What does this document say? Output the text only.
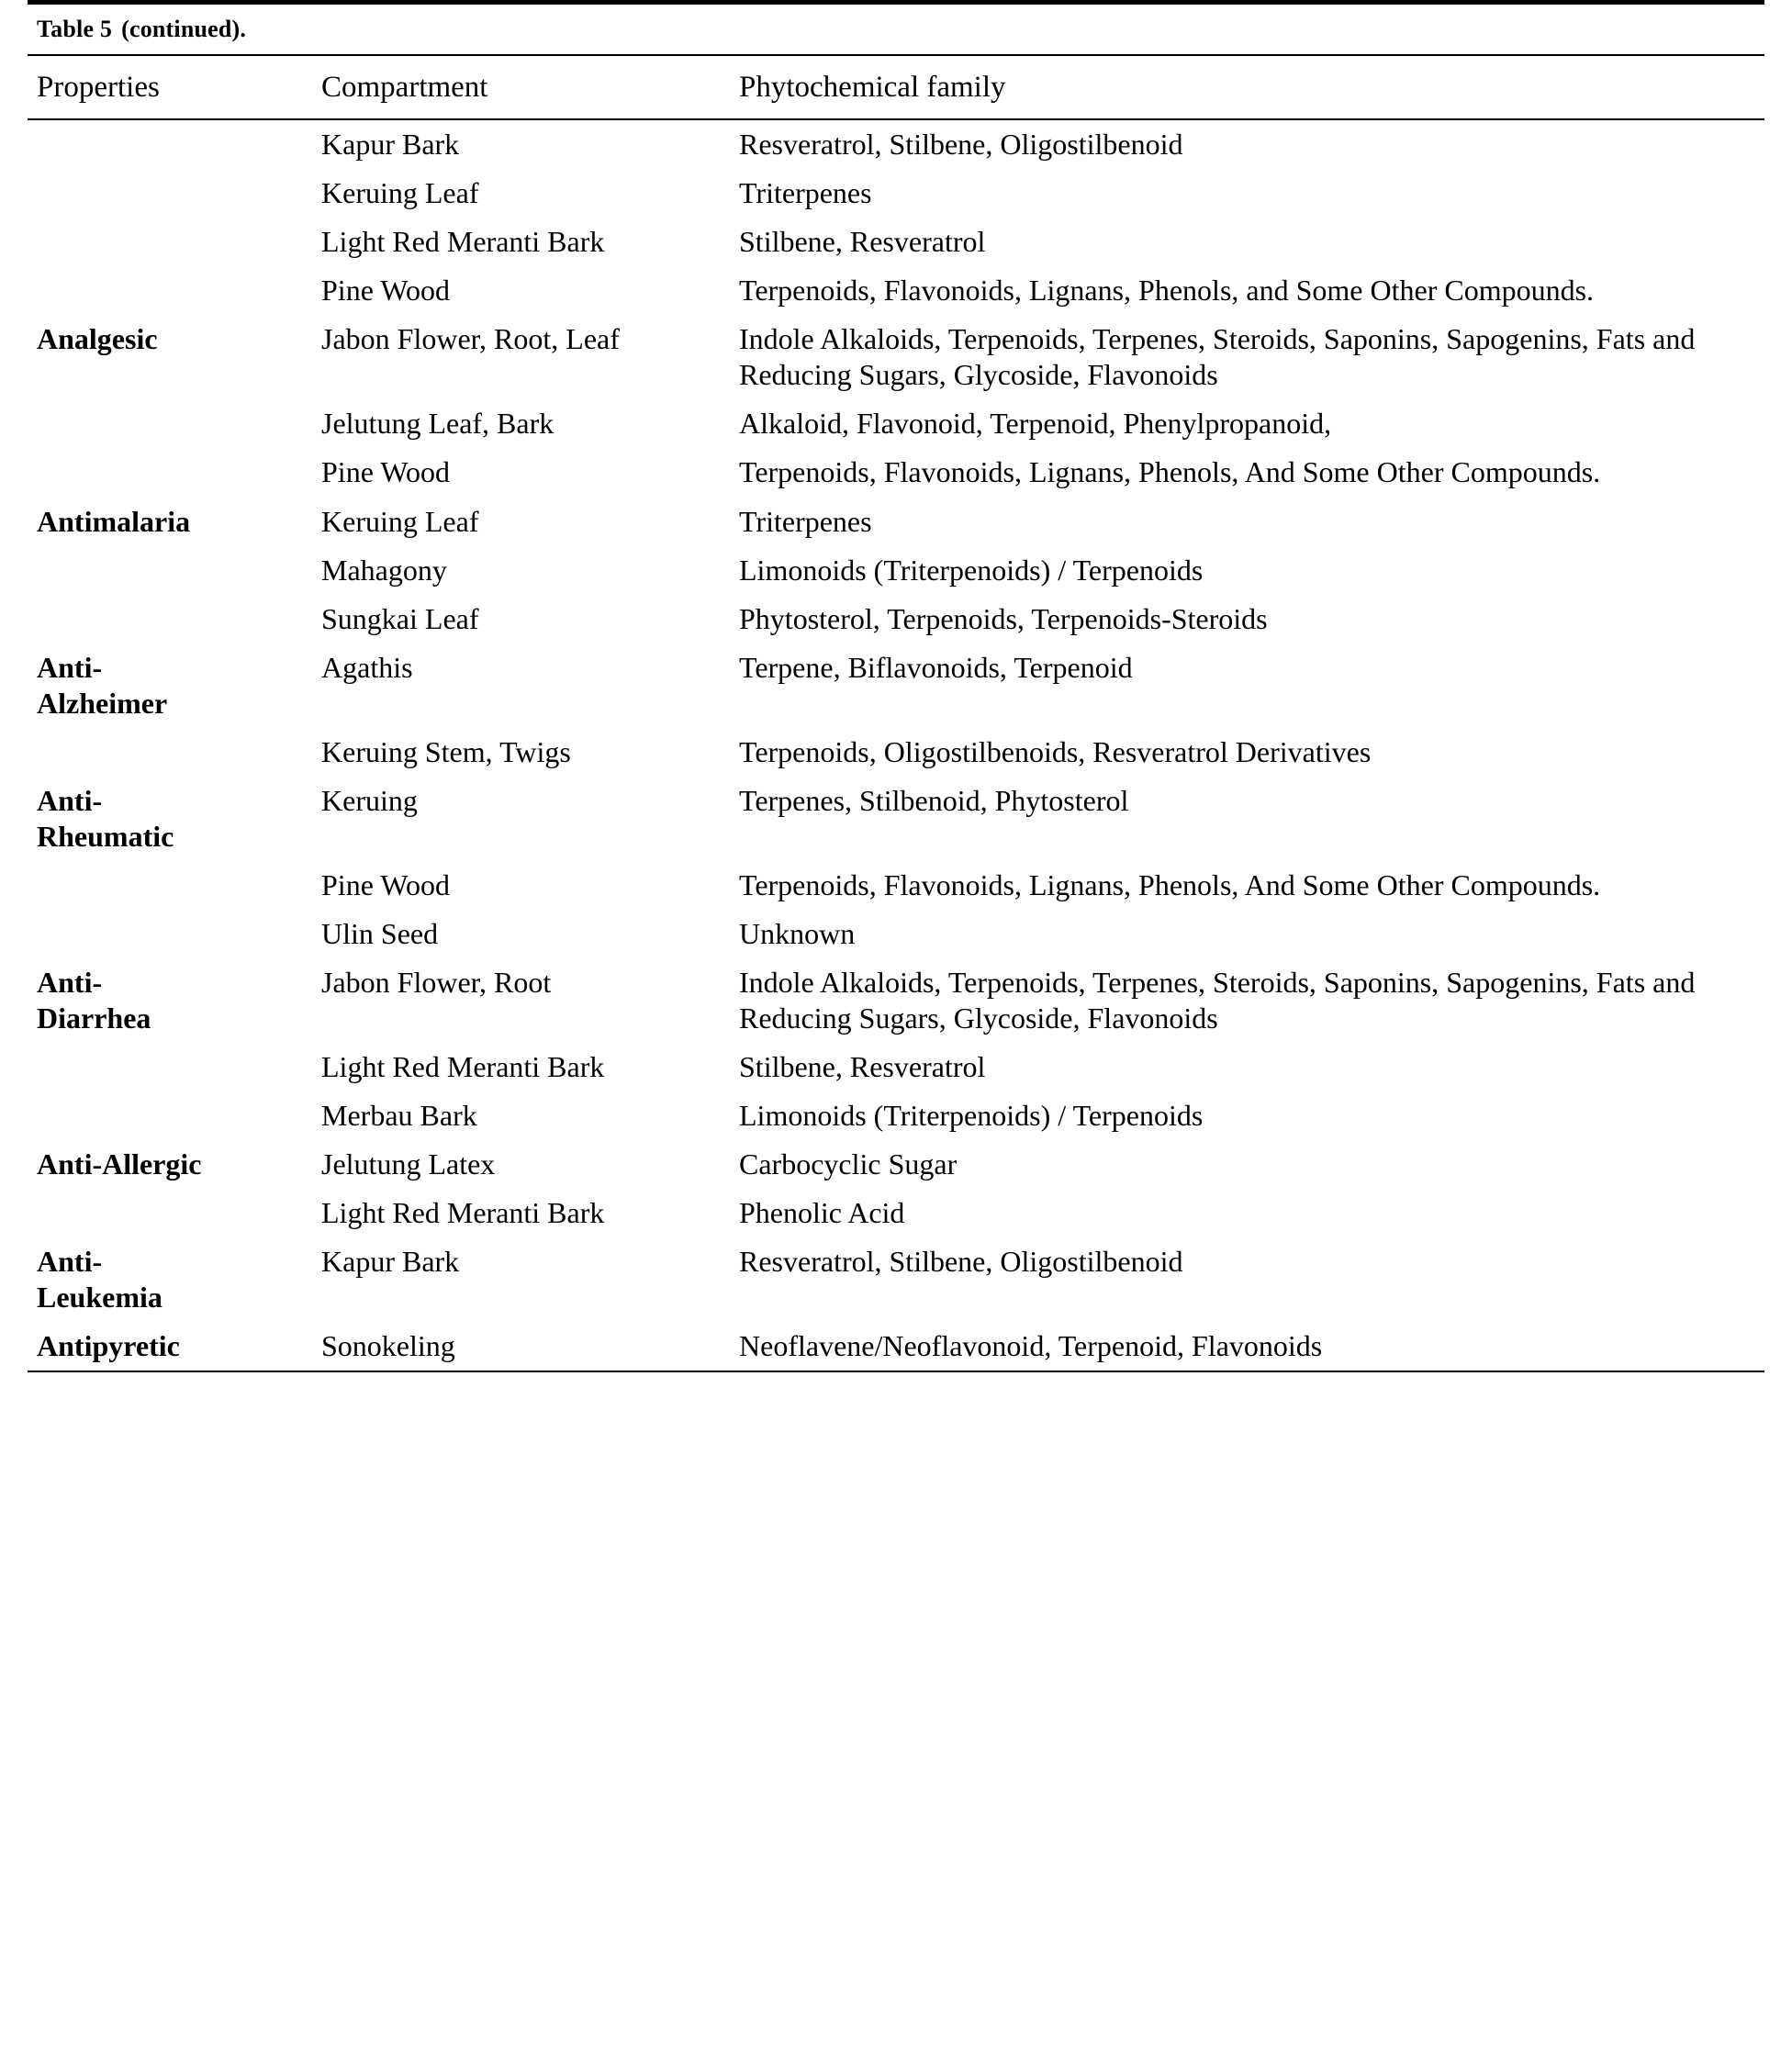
Table 5 (continued).
Properties	Compartment	Phytochemical family
	Kapur Bark	Resveratrol, Stilbene, Oligostilbenoid
	Keruing Leaf	Triterpenes
	Light Red Meranti Bark	Stilbene, Resveratrol
	Pine Wood	Terpenoids, Flavonoids, Lignans, Phenols, and Some Other Compounds.
Analgesic	Jabon Flower, Root, Leaf	Indole Alkaloids, Terpenoids, Terpenes, Steroids, Saponins, Sapogenins, Fats and Reducing Sugars, Glycoside, Flavonoids
	Jelutung Leaf, Bark	Alkaloid, Flavonoid, Terpenoid, Phenylpropanoid,
	Pine Wood	Terpenoids, Flavonoids, Lignans, Phenols, And Some Other Compounds.
Antimalaria	Keruing Leaf	Triterpenes
	Mahagony	Limonoids (Triterpenoids) / Terpenoids
	Sungkai Leaf	Phytosterol, Terpenoids, Terpenoids-Steroids

Anti-
Alzheimer	Agathis	Terpene, Biflavonoids, Terpenoid
	Keruing Stem, Twigs	Terpenoids, Oligostilbenoids, Resveratrol Derivatives

Anti-
Rheumatic	Keruing	Terpenes, Stilbenoid, Phytosterol
	Pine Wood	Terpenoids, Flavonoids, Lignans, Phenols, And Some Other Compounds.
	Ulin Seed	Unknown

Anti-
Diarrhea	Jabon Flower, Root	Indole Alkaloids, Terpenoids, Terpenes, Steroids, Saponins, Sapogenins, Fats and Reducing Sugars, Glycoside, Flavonoids
	Light Red Meranti Bark	Stilbene, Resveratrol
	Merbau Bark	Limonoids (Triterpenoids) / Terpenoids
Anti-Allergic	Jelutung Latex	Carbocyclic Sugar
	Light Red Meranti Bark	Phenolic Acid

Anti-
Leukemia	Kapur Bark	Resveratrol, Stilbene, Oligostilbenoid
Antipyretic	Sonokeling	Neoflavene/Neoflavonoid, Terpenoid, Flavonoids
